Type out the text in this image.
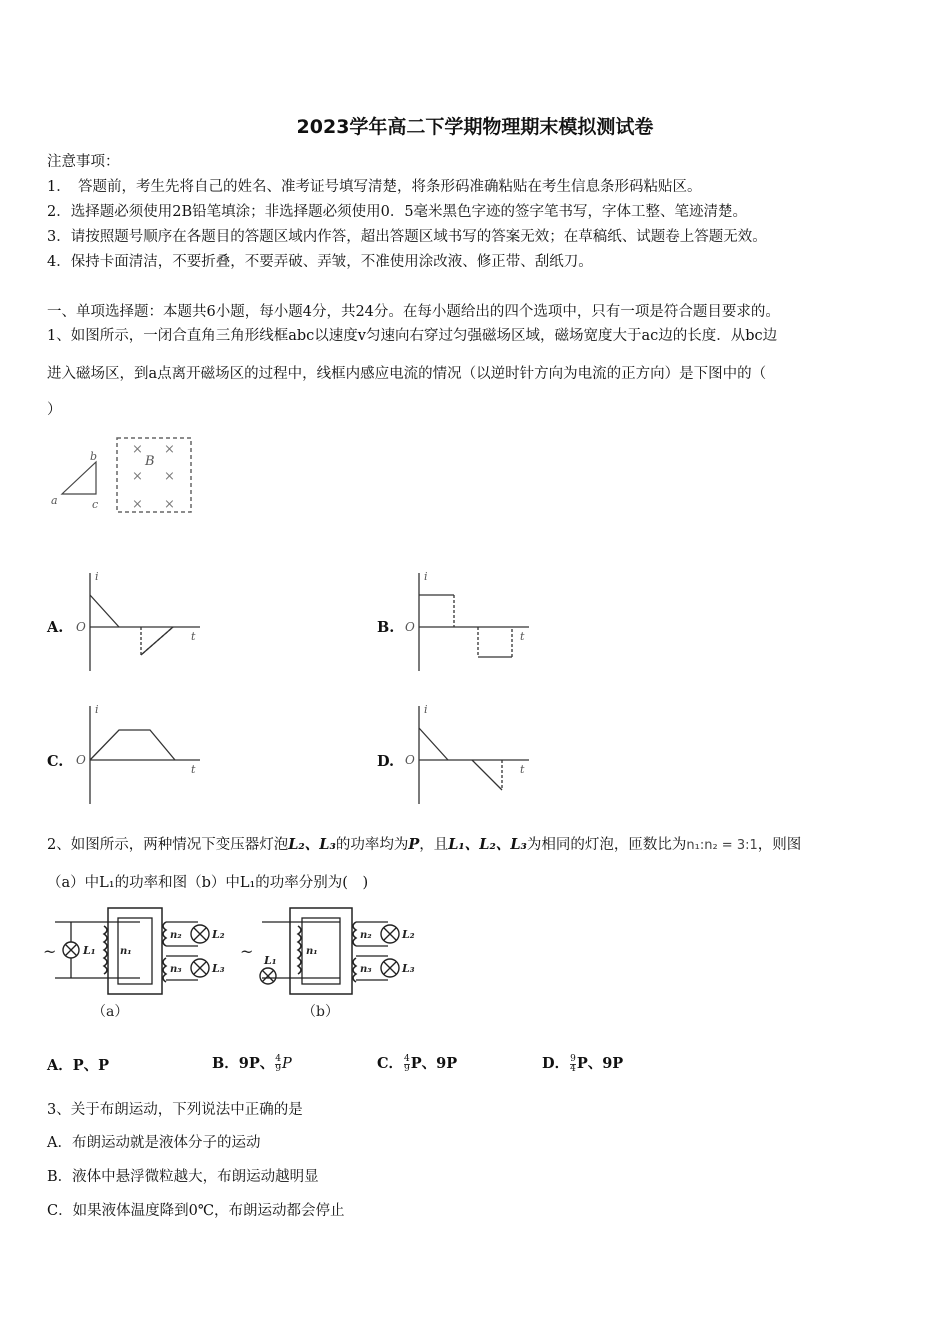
2023学年高二下学期物理期末模拟测试卷
注意事项：
1．　答题前，考生先将自己的姓名、准考证号填写清楚，将条形码准确粘贴在考生信息条形码粘贴区。
2．选择题必须使用2B铅笔填涂；非选择题必须使用0．5毫米黑色字迹的签字笔书写，字体工整、笔迹清楚。
3．请按照题号顺序在各题目的答题区域内作答，超出答题区域书写的答案无效；在草稿纸、试题卷上答题无效。
4．保持卡面清洁，不要折叠，不要弄破、弄皱，不准使用涂改液、修正带、刮纸刀。
一、单项选择题：本题共6小题，每小题4分，共24分。在每小题给出的四个选项中，只有一项是符合题目要求的。
1、如图所示，一闭合直角三角形线框abc以速度v匀速向右穿过匀强磁场区域，磁场宽度大于ac边的长度．从bc边
进入磁场区，到a点离开磁场区的过程中，线框内感应电流的情况（以逆时针方向为电流的正方向）是下图中的（
）
a
b
c
B
× ×
× ×
× ×
A.
i
t
O	B.
i
t
O
C.
i
t
O	D.
i
t
O
2、如图所示，两种情况下变压器灯泡L₂、L₃的功率均为P，且L₁、L₂、L₃为相同的灯泡，匝数比为n₁:n₂ = 3:1，则图
（a）中L₁的功率和图（b）中L₁的功率分别为(　)
~ L₁ n₁
n₂
n₃
L₂
L₃
（a）
~ L₁
n₁
n₂
n₃
L₂
L₃
（b）
A．P、P	B．9P、 $\frac{4}{9}$ P	C． $\frac{4}{9}$ P、9P	D． $\frac{9}{4}$ P、9P
3、关于布朗运动，下列说法中正确的是
A．布朗运动就是液体分子的运动
B．液体中悬浮微粒越大，布朗运动越明显
C．如果液体温度降到0℃，布朗运动都会停止
